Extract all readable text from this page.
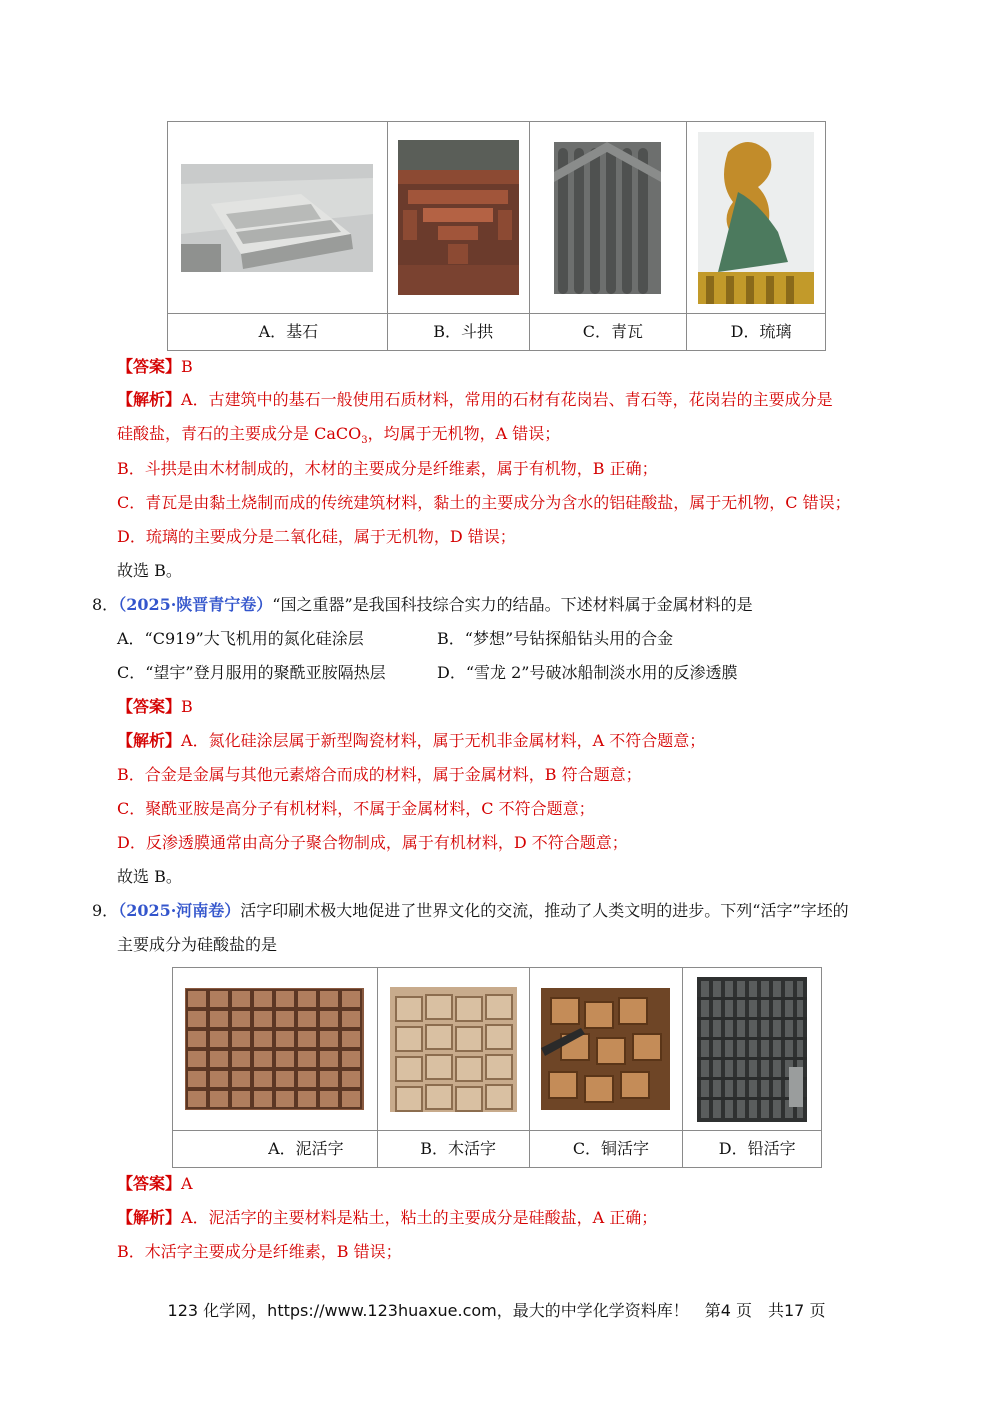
A．基石	B．斗拱	C．青瓦	D．琉璃
【答案】B
【解析】A．古建筑中的基石一般使用石质材料，常用的石材有花岗岩、青石等，花岗岩的主要成分是
硅酸盐，青石的主要成分是 CaCO$_3$，均属于无机物，A 错误；
B．斗拱是由木材制成的，木材的主要成分是纤维素，属于有机物，B 正确；
C．青瓦是由黏土烧制而成的传统建筑材料，黏土的主要成分为含水的铝硅酸盐，属于无机物，C 错误；
D．琉璃的主要成分是二氧化硅，属于无机物，D 错误；
故选 B。
8．（2025·陕晋青宁卷）“国之重器”是我国科技综合实力的结晶。下述材料属于金属材料的是
A．“C919”大飞机用的氮化硅涂层	B．“梦想”号钻探船钻头用的合金
C．“望宇”登月服用的聚酰亚胺隔热层	D．“雪龙 2”号破冰船制淡水用的反渗透膜
【答案】B
【解析】A．氮化硅涂层属于新型陶瓷材料，属于无机非金属材料，A 不符合题意；
B．合金是金属与其他元素熔合而成的材料，属于金属材料，B 符合题意；
C．聚酰亚胺是高分子有机材料，不属于金属材料，C 不符合题意；
D．反渗透膜通常由高分子聚合物制成，属于有机材料，D 不符合题意；
故选 B。
9．（2025·河南卷）活字印刷术极大地促进了世界文化的交流，推动了人类文明的进步。下列“活字”字坯的
主要成分为硅酸盐的是

A．泥活字	B．木活字	C．铜活字	D．铅活字
【答案】A
【解析】A．泥活字的主要材料是粘土，粘土的主要成分是硅酸盐，A 正确；
B．木活字主要成分是纤维素，B 错误；
123 化学网，https://www.123huaxue.com，最大的中学化学资料库！　第4 页　共17 页
